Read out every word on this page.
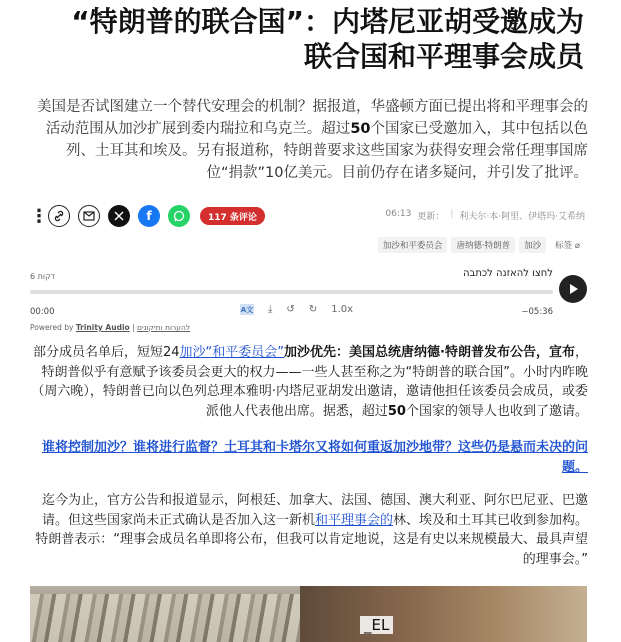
“特朗普的联合国”：内塔尼亚胡受邀成为
联合国和平理事会成员
美国是否试图建立一个替代安理会的机制？据报道，华盛顿方面已提出将和平理事会的活动范围从加沙扩展到委内瑞拉和乌克兰。超过50个国家已受邀加入，其中包括以色列、土耳其和埃及。另有报道称，特朗普要求这些国家为获得安理会常任理事国席位“捐款”10亿美元。目前仍存在诸多疑问，并引发了批评。
⋮	f	117 条评论	06:13 更新： | 利夫尔·本·阿里、伊塔玛·艾希纳
加沙和平委员会	唐纳德·特朗普	加沙	标签 ⌀
6 דקות	לחצו להאזנה לכתבה
00:00	A文 ⤓ ↺ ↻ 1.0x	−05:36
Powered by Trinity Audio | להערות ותיקונים
部分成员名单后，短短24加沙“和平委员会”加沙优先：美国总统唐纳德·特朗普发布公告，宣布，特朗普似乎有意赋予该委员会更大的权力——一些人甚至称之为“特朗普的联合国”。小时内昨晚（周六晚），特朗普已向以色列总理本雅明·内塔尼亚胡发出邀请，邀请他担任该委员会成员，或委派他人代表他出席。据悉，超过50个国家的领导人也收到了邀请。
谁将控制加沙？谁将进行监督？土耳其和卡塔尔又将如何重返加沙地带？这些仍是悬而未决的问题。
迄今为止，官方公告和报道显示，阿根廷、加拿大、法国、德国、澳大利亚、阿尔巴尼亚、巴邀请。但这些国家尚未正式确认是否加入这一新机和平理事会的林、埃及和土耳其已收到参加构。特朗普表示：“理事会成员名单即将公布，但我可以肯定地说，这是有史以来规模最大、最具声望的理事会。”
_EL
